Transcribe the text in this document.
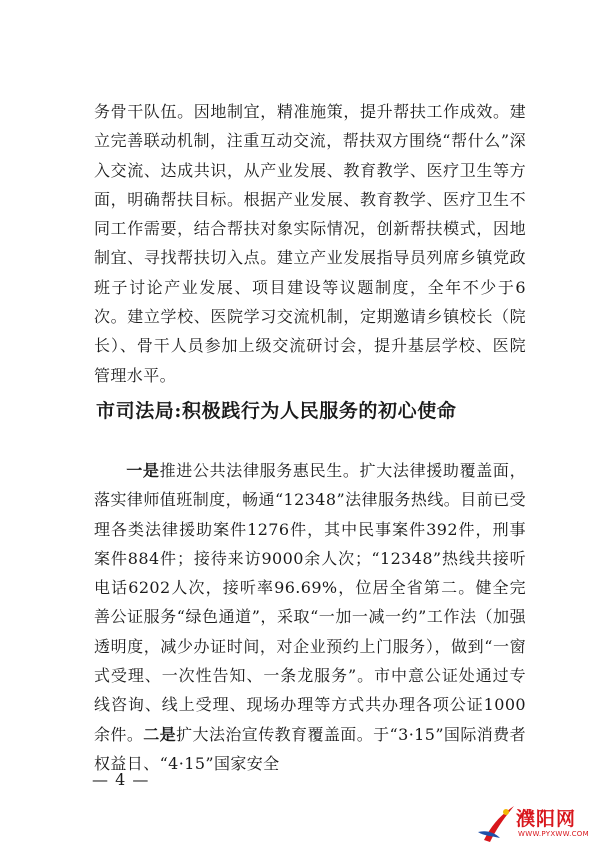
务骨干队伍。因地制宜，精准施策，提升帮扶工作成效。建立完善联动机制，注重互动交流，帮扶双方围绕“帮什么”深入交流、达成共识，从产业发展、教育教学、医疗卫生等方面，明确帮扶目标。根据产业发展、教育教学、医疗卫生不同工作需要，结合帮扶对象实际情况，创新帮扶模式，因地制宜、寻找帮扶切入点。建立产业发展指导员列席乡镇党政班子讨论产业发展、项目建设等议题制度，全年不少于6次。建立学校、医院学习交流机制，定期邀请乡镇校长（院长）、骨干人员参加上级交流研讨会，提升基层学校、医院管理水平。

市司法局:积极践行为人民服务的初心使命

一是推进公共法律服务惠民生。扩大法律援助覆盖面，落实律师值班制度，畅通“12348”法律服务热线。目前已受理各类法律援助案件1276件，其中民事案件392件，刑事案件884件；接待来访9000余人次；“12348”热线共接听电话6202人次，接听率96.69%，位居全省第二。健全完善公证服务“绿色通道”，采取“一加一减一约”工作法（加强透明度，减少办证时间，对企业预约上门服务），做到“一窗式受理、一次性告知、一条龙服务”。市中意公证处通过专线咨询、线上受理、现场办理等方式共办理各项公证1000余件。二是扩大法治宣传教育覆盖面。于“3·15”国际消费者权益日、“4·15”国家安全

— 4 —
濮阳网
WWW.PYXWW.COM
